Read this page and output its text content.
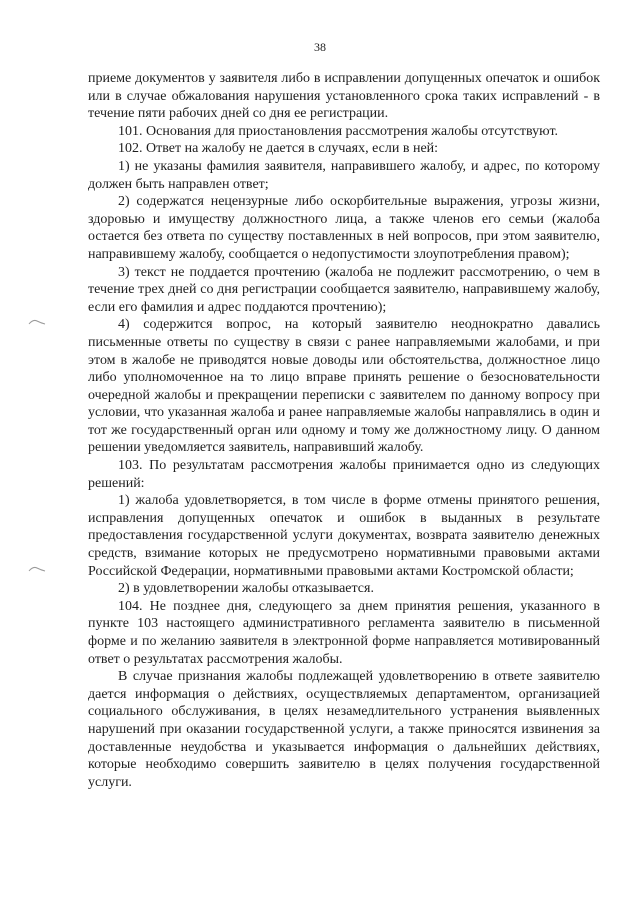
38

приеме документов у заявителя либо в исправлении допущенных опечаток и ошибок или в случае обжалования нарушения установленного срока таких исправлений - в течение пяти рабочих дней со дня ее регистрации.

101. Основания для приостановления рассмотрения жалобы отсутствуют.

102. Ответ на жалобу не дается в случаях, если в ней:

1) не указаны фамилия заявителя, направившего жалобу, и адрес, по которому должен быть направлен ответ;

2) содержатся нецензурные либо оскорбительные выражения, угрозы жизни, здоровью и имуществу должностного лица, а также членов его семьи (жалоба остается без ответа по существу поставленных в ней вопросов, при этом заявителю, направившему жалобу, сообщается о недопустимости злоупотребления правом);

3) текст не поддается прочтению (жалоба не подлежит рассмотрению, о чем в течение трех дней со дня регистрации сообщается заявителю, направившему жалобу, если его фамилия и адрес поддаются прочтению);

4) содержится вопрос, на который заявителю неоднократно давались письменные ответы по существу в связи с ранее направляемыми жалобами, и при этом в жалобе не приводятся новые доводы или обстоятельства, должностное лицо либо уполномоченное на то лицо вправе принять решение о безосновательности очередной жалобы и прекращении переписки с заявителем по данному вопросу при условии, что указанная жалоба и ранее направляемые жалобы направлялись в один и тот же государственный орган или одному и тому же должностному лицу. О данном решении уведомляется заявитель, направивший жалобу.

103. По результатам рассмотрения жалобы принимается одно из следующих решений:

1) жалоба удовлетворяется, в том числе в форме отмены принятого решения, исправления допущенных опечаток и ошибок в выданных в результате предоставления государственной услуги документах, возврата заявителю денежных средств, взимание которых не предусмотрено нормативными правовыми актами Российской Федерации, нормативными правовыми актами Костромской области;

2) в удовлетворении жалобы отказывается.

104. Не позднее дня, следующего за днем принятия решения, указанного в пункте 103 настоящего административного регламента заявителю в письменной форме и по желанию заявителя в электронной форме направляется мотивированный ответ о результатах рассмотрения жалобы.

В случае признания жалобы подлежащей удовлетворению в ответе заявителю дается информация о действиях, осуществляемых департаментом, организацией социального обслуживания, в целях незамедлительного устранения выявленных нарушений при оказании государственной услуги, а также приносятся извинения за доставленные неудобства и указывается информация о дальнейших действиях, которые необходимо совершить заявителю в целях получения государственной услуги.
